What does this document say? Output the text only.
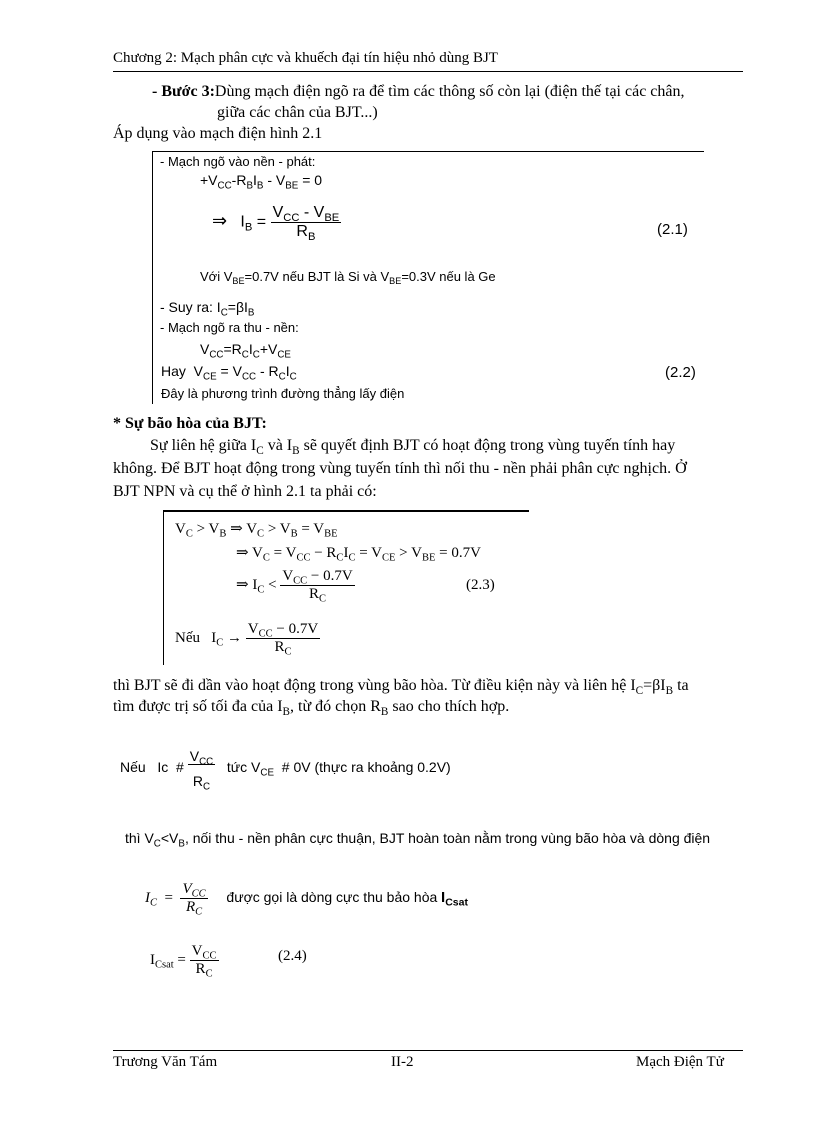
Chương 2: Mạch phân cực và khuếch đại tín hiệu nhỏ dùng BJT
- Bước 3:Dùng mạch điện ngõ ra để tìm các thông số còn lại (điện thế tại các chân,
giữa các chân của BJT...)
Áp dụng vào mạch điện hình 2.1
- Mạch ngõ vào nền - phát:
$+V_{CC}-R_BI_B - V_{BE} = 0$
⇒   $I_B = \frac{V_{CC} - V_{BE}}{R_B}$	(2.1)
Với $V_{BE}=0.7V$ nếu BJT là Si và $V_{BE}=0.3V$ nếu là Ge
- Suy ra: $I_C=\beta I_B$
- Mạch ngõ ra thu - nền:
$V_{CC}=R_CI_C+V_{CE}$
Hay  $V_{CE} = V_{CC} - R_CI_C$	(2.2)
Đây là phương trình đường thẳng lấy điện
* Sự bão hòa của BJT:
Sự liên hệ giữa $I_C$ và $I_B$ sẽ quyết định BJT có hoạt động trong vùng tuyến tính hay
không. Để BJT hoạt động trong vùng tuyến tính thì nối thu - nền phải phân cực nghịch. Ở
BJT NPN và cụ thể ở hình 2.1 ta phải có:
$V_C > V_B$ ⇒ $V_C > V_B = V_{BE}$
⇒ $V_C = V_{CC} - R_CI_C = V_{CE} > V_{BE} = 0.7V$
⇒ $I_C < \frac{V_{CC} - 0.7V}{R_C}$	(2.3)
Nếu   $I_C \to \frac{V_{CC} - 0.7V}{R_C}$
thì BJT sẽ đi dần vào hoạt động trong vùng bão hòa. Từ điều kiện này và liên hệ $I_C=\beta I_B$ ta
tìm được trị số tối đa của $I_B$, từ đó chọn $R_B$ sao cho thích hợp.
Nếu   Ic  # $\frac{V_{CC}}{R_C}$ tức $V_{CE}$ # 0V (thực ra khoảng 0.2V)
thì $V_C<V_B$, nối thu - nền phân cực thuận, BJT hoàn toàn nằm trong vùng bão hòa và dòng điện
$I_C = \frac{V_{CC}}{R_C}$ được gọi là dòng cực thu bảo hòa $I_{Csat}$
$I_{Csat} = \frac{V_{CC}}{R_C}$	(2.4)
Trương Văn Tám	II-2	Mạch Điện Tử
